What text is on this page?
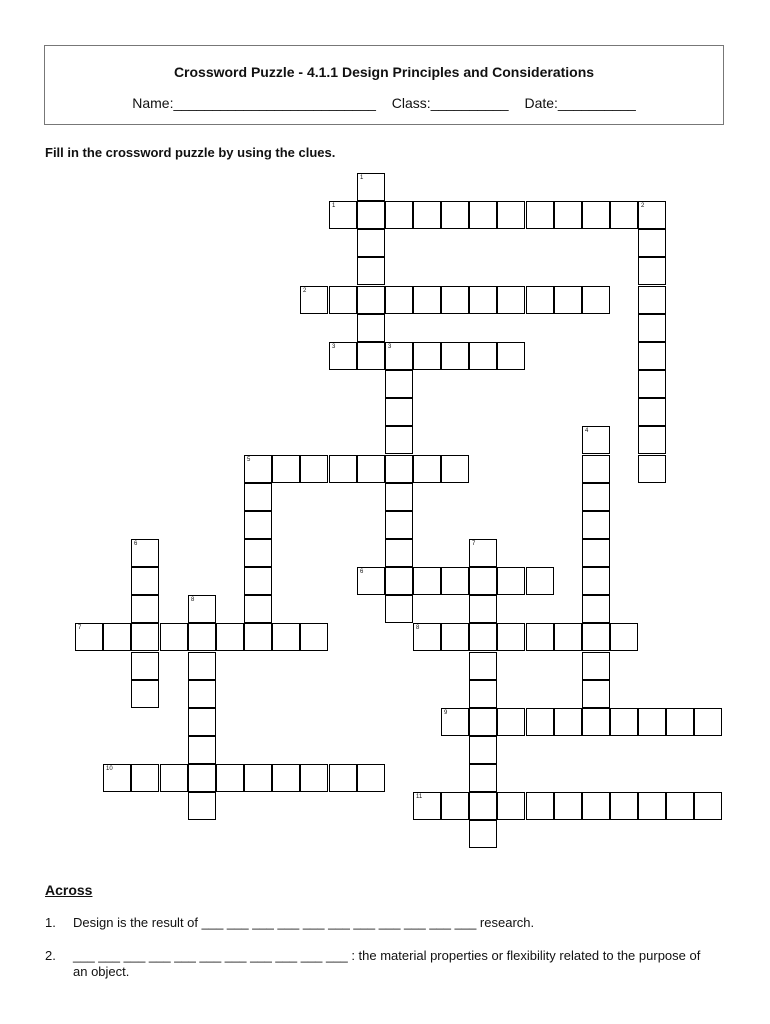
Crossword Puzzle - 4.1.1 Design Principles and Considerations
Name:__________________________ Class:__________ Date:__________
Fill in the crossword puzzle by using the clues.
1
2
3	3
5
6
7	8
9
10
11
1
2
4
6	7
8
Across
1. Design is the result of ___ ___ ___ ___ ___ ___ ___ ___ ___ ___ ___ research.
2. ___ ___ ___ ___ ___ ___ ___ ___ ___ ___ ___ : the material properties or flexibility related to the purpose of an object.
